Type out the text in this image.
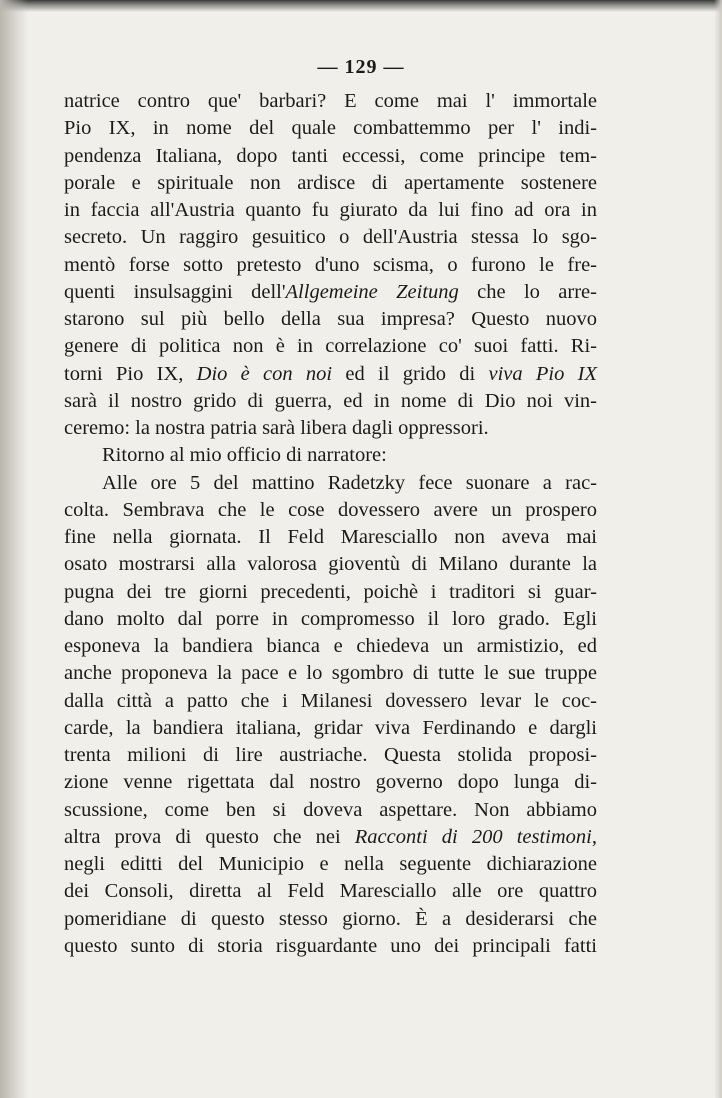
— 129 —
natrice contro que' barbari? E come mai l' immortale
Pio IX, in nome del quale combattemmo per l' indi-
pendenza Italiana, dopo tanti eccessi, come principe tem-
porale e spirituale non ardisce di apertamente sostenere
in faccia all'Austria quanto fu giurato da lui fino ad ora in
secreto. Un raggiro gesuitico o dell'Austria stessa lo sgo-
mentò forse sotto pretesto d'uno scisma, o furono le fre-
quenti insulsaggini dell'Allgemeine Zeitung che lo arre-
starono sul più bello della sua impresa? Questo nuovo
genere di politica non è in correlazione co' suoi fatti. Ri-
torni Pio IX, Dio è con noi ed il grido di viva Pio IX
sarà il nostro grido di guerra, ed in nome di Dio noi vin-
ceremo: la nostra patria sarà libera dagli oppressori.
Ritorno al mio officio di narratore:
Alle ore 5 del mattino Radetzky fece suonare a rac-
colta. Sembrava che le cose dovessero avere un prospero
fine nella giornata. Il Feld Maresciallo non aveva mai
osato mostrarsi alla valorosa gioventù di Milano durante la
pugna dei tre giorni precedenti, poichè i traditori si guar-
dano molto dal porre in compromesso il loro grado. Egli
esponeva la bandiera bianca e chiedeva un armistizio, ed
anche proponeva la pace e lo sgombro di tutte le sue truppe
dalla città a patto che i Milanesi dovessero levar le coc-
carde, la bandiera italiana, gridar viva Ferdinando e dargli
trenta milioni di lire austriache. Questa stolida proposi-
zione venne rigettata dal nostro governo dopo lunga di-
scussione, come ben si doveva aspettare. Non abbiamo
altra prova di questo che nei Racconti di 200 testimoni,
negli editti del Municipio e nella seguente dichiarazione
dei Consoli, diretta al Feld Maresciallo alle ore quattro
pomeridiane di questo stesso giorno. È a desiderarsi che
questo sunto di storia risguardante uno dei principali fatti
